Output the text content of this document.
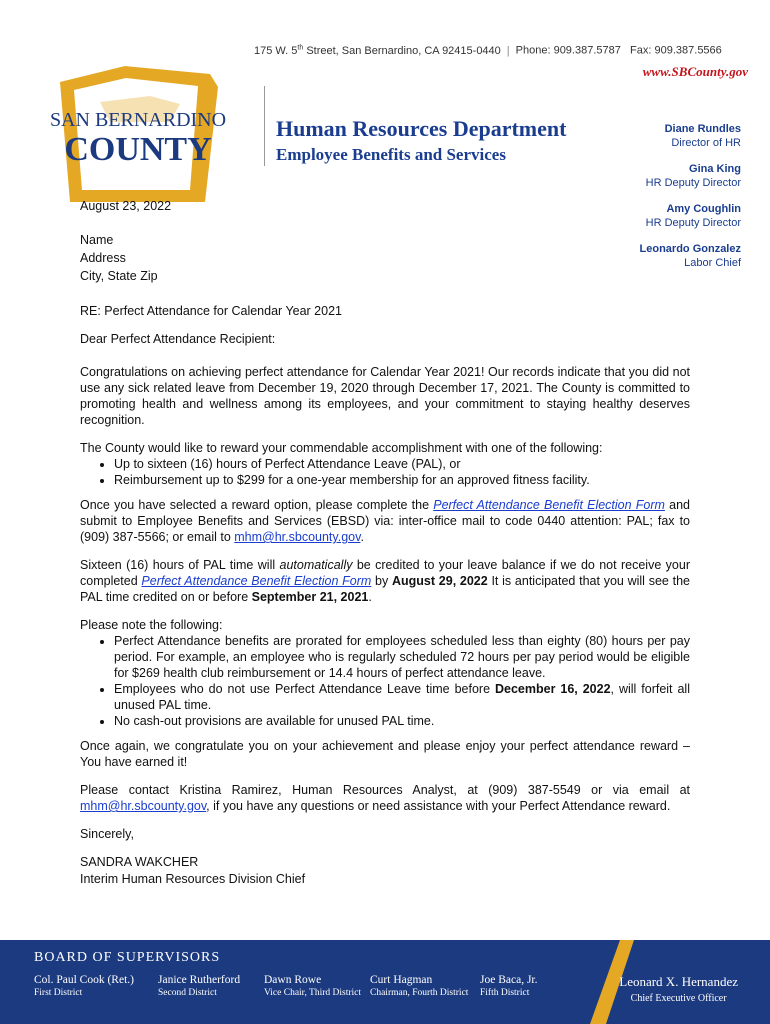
175 W. 5th Street, San Bernardino, CA 92415-0440 | Phone: 909.387.5787 Fax: 909.387.5566
www.SBCounty.gov
SAN BERNARDINO
COUNTY
Human Resources Department
Employee Benefits and Services
Diane Rundles
Director of HR
Gina King
HR Deputy Director
Amy Coughlin
HR Deputy Director
Leonardo Gonzalez
Labor Chief
August 23, 2022
Name
Address
City, State Zip

RE: Perfect Attendance for Calendar Year 2021

Dear Perfect Attendance Recipient:

Congratulations on achieving perfect attendance for Calendar Year 2021! Our records indicate that you did not use any sick related leave from December 19, 2020 through December 17, 2021. The County is committed to promoting health and wellness among its employees, and your commitment to staying healthy deserves recognition.

The County would like to reward your commendable accomplishment with one of the following:
• Up to sixteen (16) hours of Perfect Attendance Leave (PAL), or
• Reimbursement up to $299 for a one-year membership for an approved fitness facility.

Once you have selected a reward option, please complete the Perfect Attendance Benefit Election Form and submit to Employee Benefits and Services (EBSD) via: inter-office mail to code 0440 attention: PAL; fax to (909) 387-5566; or email to mhm@hr.sbcounty.gov.

Sixteen (16) hours of PAL time will automatically be credited to your leave balance if we do not receive your completed Perfect Attendance Benefit Election Form by August 29, 2022 It is anticipated that you will see the PAL time credited on or before September 21, 2021.

Please note the following:
• Perfect Attendance benefits are prorated for employees scheduled less than eighty (80) hours per pay period. For example, an employee who is regularly scheduled 72 hours per pay period would be eligible for $269 health club reimbursement or 14.4 hours of perfect attendance leave.
• Employees who do not use Perfect Attendance Leave time before December 16, 2022, will forfeit all unused PAL time.
• No cash-out provisions are available for unused PAL time.

Once again, we congratulate you on your achievement and please enjoy your perfect attendance reward – You have earned it!

Please contact Kristina Ramirez, Human Resources Analyst, at (909) 387-5549 or via email at mhm@hr.sbcounty.gov, if you have any questions or need assistance with your Perfect Attendance reward.

Sincerely,

SANDRA WAKCHER
Interim Human Resources Division Chief
BOARD OF SUPERVISORS
Col. Paul Cook (Ret.)
First District
Janice Rutherford
Second District
Dawn Rowe
Vice Chair, Third District
Curt Hagman
Chairman, Fourth District
Joe Baca, Jr.
Fifth District
Leonard X. Hernandez
Chief Executive Officer
